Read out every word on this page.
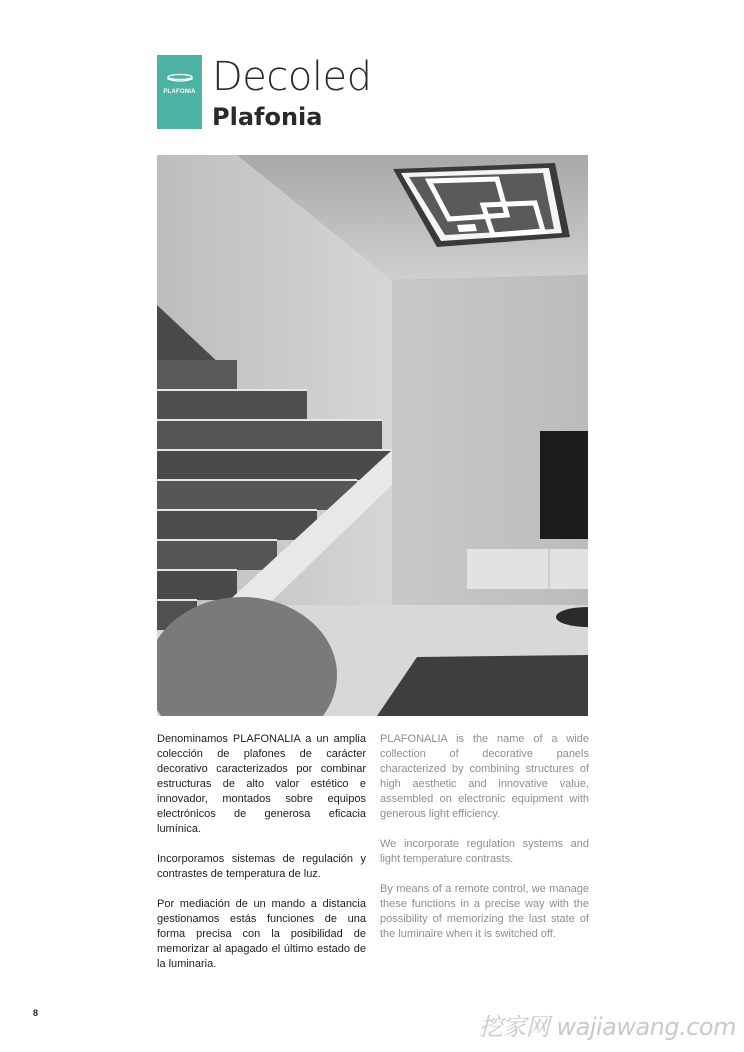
PLAFONIA Decoled
Plafonia

Denominamos PLAFONALIA a un amplia colección de plafones de carácter decorativo caracterizados por combinar estructuras de alto valor estético e innovador, montados sobre equipos electrónicos de generosa eficacia lumínica.

Incorporamos sistemas de regulación y contrastes de temperatura de luz.

Por mediación de un mando a distancia gestionamos estás funciones de una forma precisa con la posibilidad de memorizar al apagado el último estado de la luminaria.

PLAFONALIA is the name of a wide collection of decorative panels characterized by combining structures of high aesthetic and innovative value, assembled on electronic equipment with generous light efficiency.

We incorporate regulation systems and light temperature contrasts.

By means of a remote control, we manage these functions in a precise way with the possibility of memorizing the last state of the luminaire when it is switched off.

8	挖家网 wajiawang.com
